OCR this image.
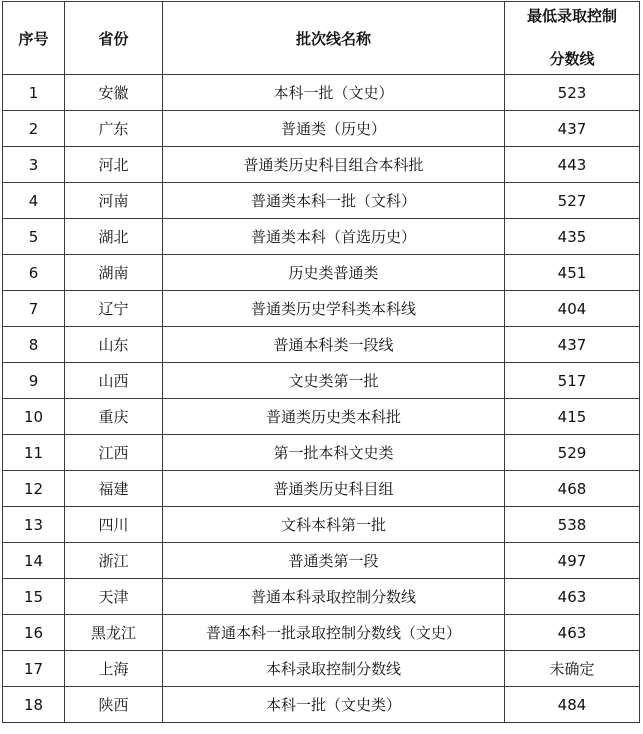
序号	省份	批次线名称	最低录取控制
分数线

1	安徽	本科一批（文史）	523
2	广东	普通类（历史）	437
3	河北	普通类历史科目组合本科批	443
4	河南	普通类本科一批（文科）	527
5	湖北	普通类本科（首选历史）	435
6	湖南	历史类普通类	451
7	辽宁	普通类历史学科类本科线	404
8	山东	普通本科类一段线	437
9	山西	文史类第一批	517
10	重庆	普通类历史类本科批	415
11	江西	第一批本科文史类	529
12	福建	普通类历史科目组	468
13	四川	文科本科第一批	538
14	浙江	普通类第一段	497
15	天津	普通本科录取控制分数线	463
16	黑龙江	普通本科一批录取控制分数线（文史）	463
17	上海	本科录取控制分数线	未确定
18	陕西	本科一批（文史类）	484
